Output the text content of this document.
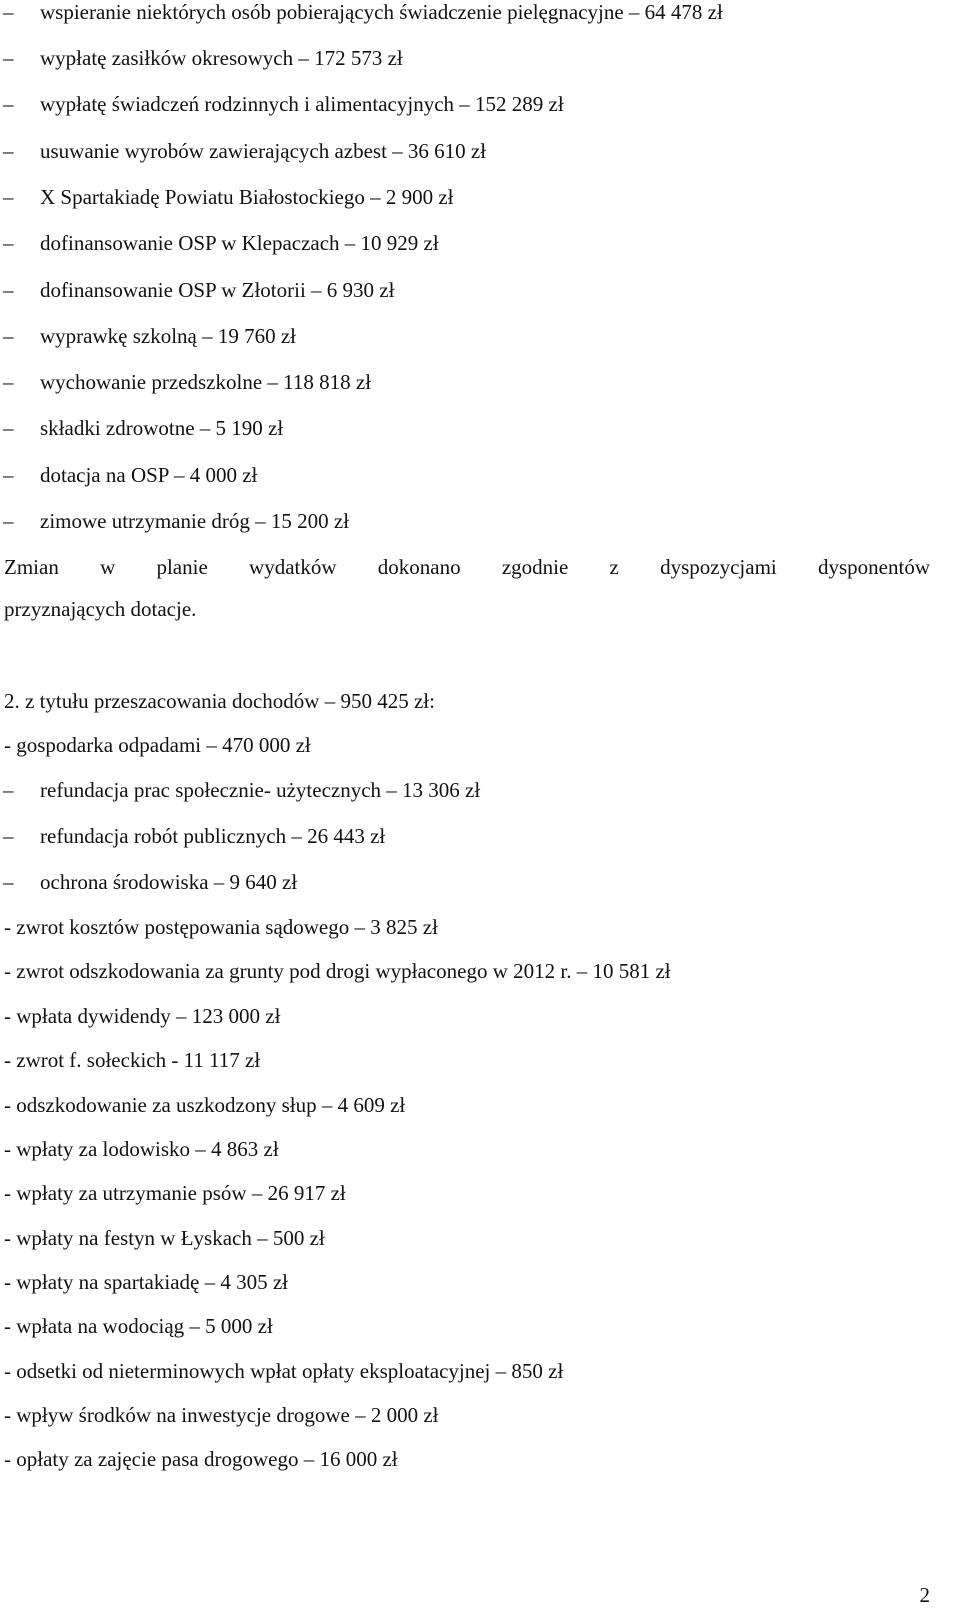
– wspieranie niektórych osób pobierających świadczenie pielęgnacyjne – 64 478 zł
– wypłatę zasiłków okresowych – 172 573 zł
– wypłatę świadczeń rodzinnych i alimentacyjnych – 152 289 zł
– usuwanie wyrobów zawierających azbest – 36 610 zł
– X Spartakiadę Powiatu Białostockiego – 2 900 zł
– dofinansowanie OSP w Klepaczach – 10 929 zł
– dofinansowanie OSP w Złotorii – 6 930 zł
– wyprawkę szkolną – 19 760 zł
– wychowanie przedszkolne – 118 818 zł
– składki zdrowotne – 5 190 zł
– dotacja na OSP – 4 000 zł
– zimowe utrzymanie dróg – 15 200 zł
Zmian w planie wydatków dokonano zgodnie z dyspozycjami dysponentów
przyznających dotacje.
2. z tytułu przeszacowania dochodów – 950 425 zł:
- gospodarka odpadami – 470 000 zł
– refundacja prac społecznie- użytecznych – 13 306 zł
– refundacja robót publicznych – 26 443 zł
– ochrona środowiska – 9 640 zł
- zwrot kosztów postępowania sądowego – 3 825 zł
- zwrot odszkodowania za grunty pod drogi wypłaconego w 2012 r. – 10 581 zł
- wpłata dywidendy – 123 000 zł
- zwrot f. sołeckich - 11 117 zł
- odszkodowanie za uszkodzony słup – 4 609 zł
- wpłaty za lodowisko – 4 863 zł
- wpłaty za utrzymanie psów – 26 917 zł
- wpłaty na festyn w Łyskach – 500 zł
- wpłaty na spartakiadę – 4 305 zł
- wpłata na wodociąg – 5 000 zł
- odsetki od nieterminowych wpłat opłaty eksploatacyjnej – 850 zł
- wpływ środków na inwestycje drogowe – 2 000 zł
- opłaty za zajęcie pasa drogowego – 16 000 zł
2
